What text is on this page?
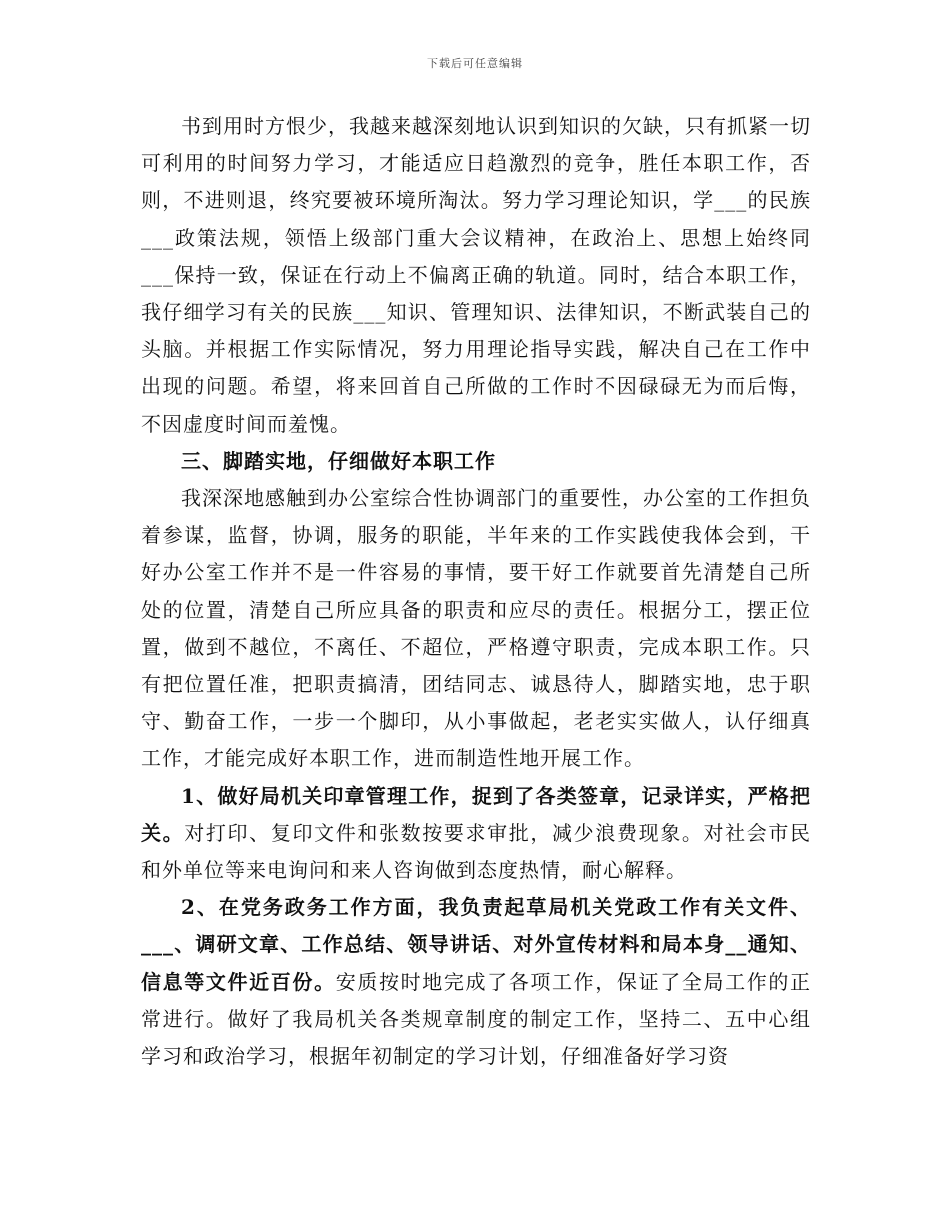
下载后可任意编辑

书到用时方恨少，我越来越深刻地认识到知识的欠缺，只有抓紧一切可利用的时间努力学习，才能适应日趋激烈的竞争，胜任本职工作，否则，不进则退，终究要被环境所淘汰。努力学习理论知识，学___的民族___政策法规，领悟上级部门重大会议精神，在政治上、思想上始终同___保持一致，保证在行动上不偏离正确的轨道。同时，结合本职工作，我仔细学习有关的民族___知识、管理知识、法律知识，不断武装自己的头脑。并根据工作实际情况，努力用理论指导实践，解决自己在工作中出现的问题。希望，将来回首自己所做的工作时不因碌碌无为而后悔，不因虚度时间而羞愧。

三、脚踏实地，仔细做好本职工作

我深深地感触到办公室综合性协调部门的重要性，办公室的工作担负着参谋，监督，协调，服务的职能，半年来的工作实践使我体会到，干好办公室工作并不是一件容易的事情，要干好工作就要首先清楚自己所处的位置，清楚自己所应具备的职责和应尽的责任。根据分工，摆正位置，做到不越位，不离任、不超位，严格遵守职责，完成本职工作。只有把位置任准，把职责搞清，团结同志、诚恳待人，脚踏实地，忠于职守、勤奋工作，一步一个脚印，从小事做起，老老实实做人，认仔细真工作，才能完成好本职工作，进而制造性地开展工作。

1、做好局机关印章管理工作，捉到了各类签章，记录详实，严格把关。对打印、复印文件和张数按要求审批，减少浪费现象。对社会市民和外单位等来电询问和来人咨询做到态度热情，耐心解释。

2、在党务政务工作方面，我负责起草局机关党政工作有关文件、___、调研文章、工作总结、领导讲话、对外宣传材料和局本身__通知、信息等文件近百份。安质按时地完成了各项工作，保证了全局工作的正常进行。做好了我局机关各类规章制度的制定工作，坚持二、五中心组学习和政治学习，根据年初制定的学习计划，仔细准备好学习资
